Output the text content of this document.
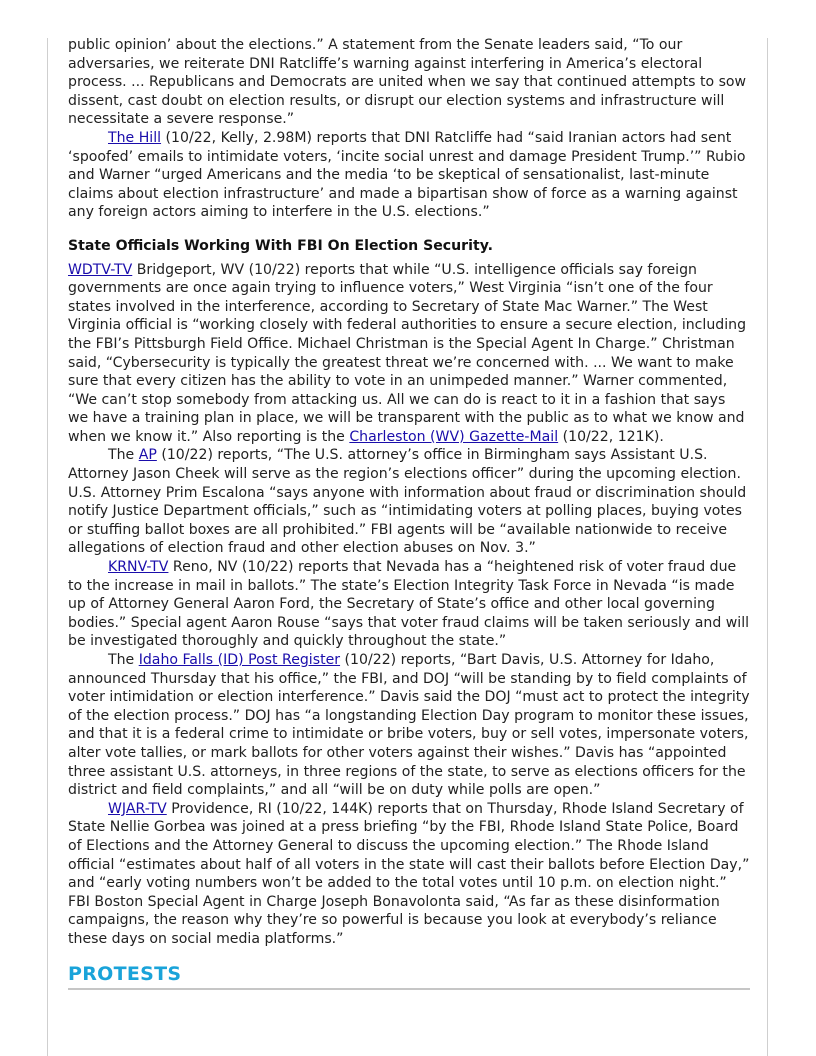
public opinion’ about the elections.” A statement from the Senate leaders said, “To our adversaries, we reiterate DNI Ratcliffe’s warning against interfering in America’s electoral process. ... Republicans and Democrats are united when we say that continued attempts to sow dissent, cast doubt on election results, or disrupt our election systems and infrastructure will necessitate a severe response.”

The Hill (10/22, Kelly, 2.98M) reports that DNI Ratcliffe had “said Iranian actors had sent ‘spoofed’ emails to intimidate voters, ‘incite social unrest and damage President Trump.’” Rubio and Warner “urged Americans and the media ‘to be skeptical of sensationalist, last-minute claims about election infrastructure’ and made a bipartisan show of force as a warning against any foreign actors aiming to interfere in the U.S. elections.”

State Officials Working With FBI On Election Security.

WDTV-TV Bridgeport, WV (10/22) reports that while “U.S. intelligence officials say foreign governments are once again trying to influence voters,” West Virginia “isn’t one of the four states involved in the interference, according to Secretary of State Mac Warner.” The West Virginia official is “working closely with federal authorities to ensure a secure election, including the FBI’s Pittsburgh Field Office. Michael Christman is the Special Agent In Charge.” Christman said, “Cybersecurity is typically the greatest threat we’re concerned with. ... We want to make sure that every citizen has the ability to vote in an unimpeded manner.” Warner commented, “We can’t stop somebody from attacking us. All we can do is react to it in a fashion that says we have a training plan in place, we will be transparent with the public as to what we know and when we know it.” Also reporting is the Charleston (WV) Gazette-Mail (10/22, 121K).

The AP (10/22) reports, “The U.S. attorney’s office in Birmingham says Assistant U.S. Attorney Jason Cheek will serve as the region’s elections officer” during the upcoming election. U.S. Attorney Prim Escalona “says anyone with information about fraud or discrimination should notify Justice Department officials,” such as “intimidating voters at polling places, buying votes or stuffing ballot boxes are all prohibited.” FBI agents will be “available nationwide to receive allegations of election fraud and other election abuses on Nov. 3.”

KRNV-TV Reno, NV (10/22) reports that Nevada has a “heightened risk of voter fraud due to the increase in mail in ballots.” The state’s Election Integrity Task Force in Nevada “is made up of Attorney General Aaron Ford, the Secretary of State’s office and other local governing bodies.” Special agent Aaron Rouse “says that voter fraud claims will be taken seriously and will be investigated thoroughly and quickly throughout the state.”

The Idaho Falls (ID) Post Register (10/22) reports, “Bart Davis, U.S. Attorney for Idaho, announced Thursday that his office,” the FBI, and DOJ “will be standing by to field complaints of voter intimidation or election interference.” Davis said the DOJ “must act to protect the integrity of the election process.” DOJ has “a longstanding Election Day program to monitor these issues, and that it is a federal crime to intimidate or bribe voters, buy or sell votes, impersonate voters, alter vote tallies, or mark ballots for other voters against their wishes.” Davis has “appointed three assistant U.S. attorneys, in three regions of the state, to serve as elections officers for the district and field complaints,” and all “will be on duty while polls are open.”

WJAR-TV Providence, RI (10/22, 144K) reports that on Thursday, Rhode Island Secretary of State Nellie Gorbea was joined at a press briefing “by the FBI, Rhode Island State Police, Board of Elections and the Attorney General to discuss the upcoming election.” The Rhode Island official “estimates about half of all voters in the state will cast their ballots before Election Day,” and “early voting numbers won’t be added to the total votes until 10 p.m. on election night.” FBI Boston Special Agent in Charge Joseph Bonavolonta said, “As far as these disinformation campaigns, the reason why they’re so powerful is because you look at everybody’s reliance these days on social media platforms.”

PROTESTS
